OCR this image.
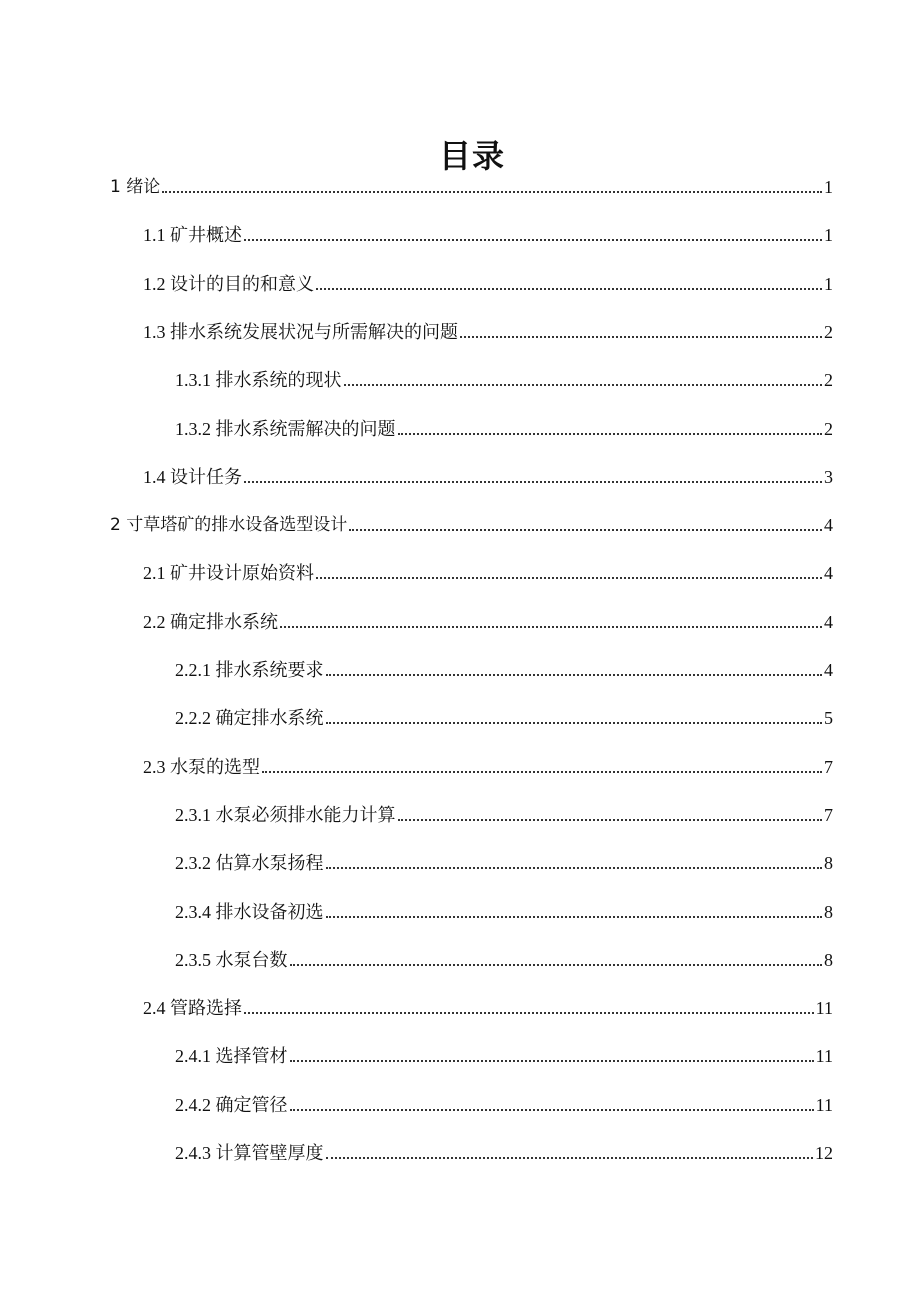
目录
1 绪论	1
1.1 矿井概述	1
1.2 设计的目的和意义	1
1.3 排水系统发展状况与所需解决的问题	2
1.3.1 排水系统的现状	2
1.3.2 排水系统需解决的问题	2
1.4 设计任务	3
2 寸草塔矿的排水设备选型设计	4
2.1 矿井设计原始资料	4
2.2 确定排水系统	4
2.2.1 排水系统要求	4
2.2.2 确定排水系统	5
2.3 水泵的选型	7
2.3.1 水泵必须排水能力计算	7
2.3.2 估算水泵扬程	8
2.3.4 排水设备初选	8
2.3.5 水泵台数	8
2.4 管路选择	11
2.4.1 选择管材	11
2.4.2 确定管径	11
2.4.3 计算管壁厚度	12
